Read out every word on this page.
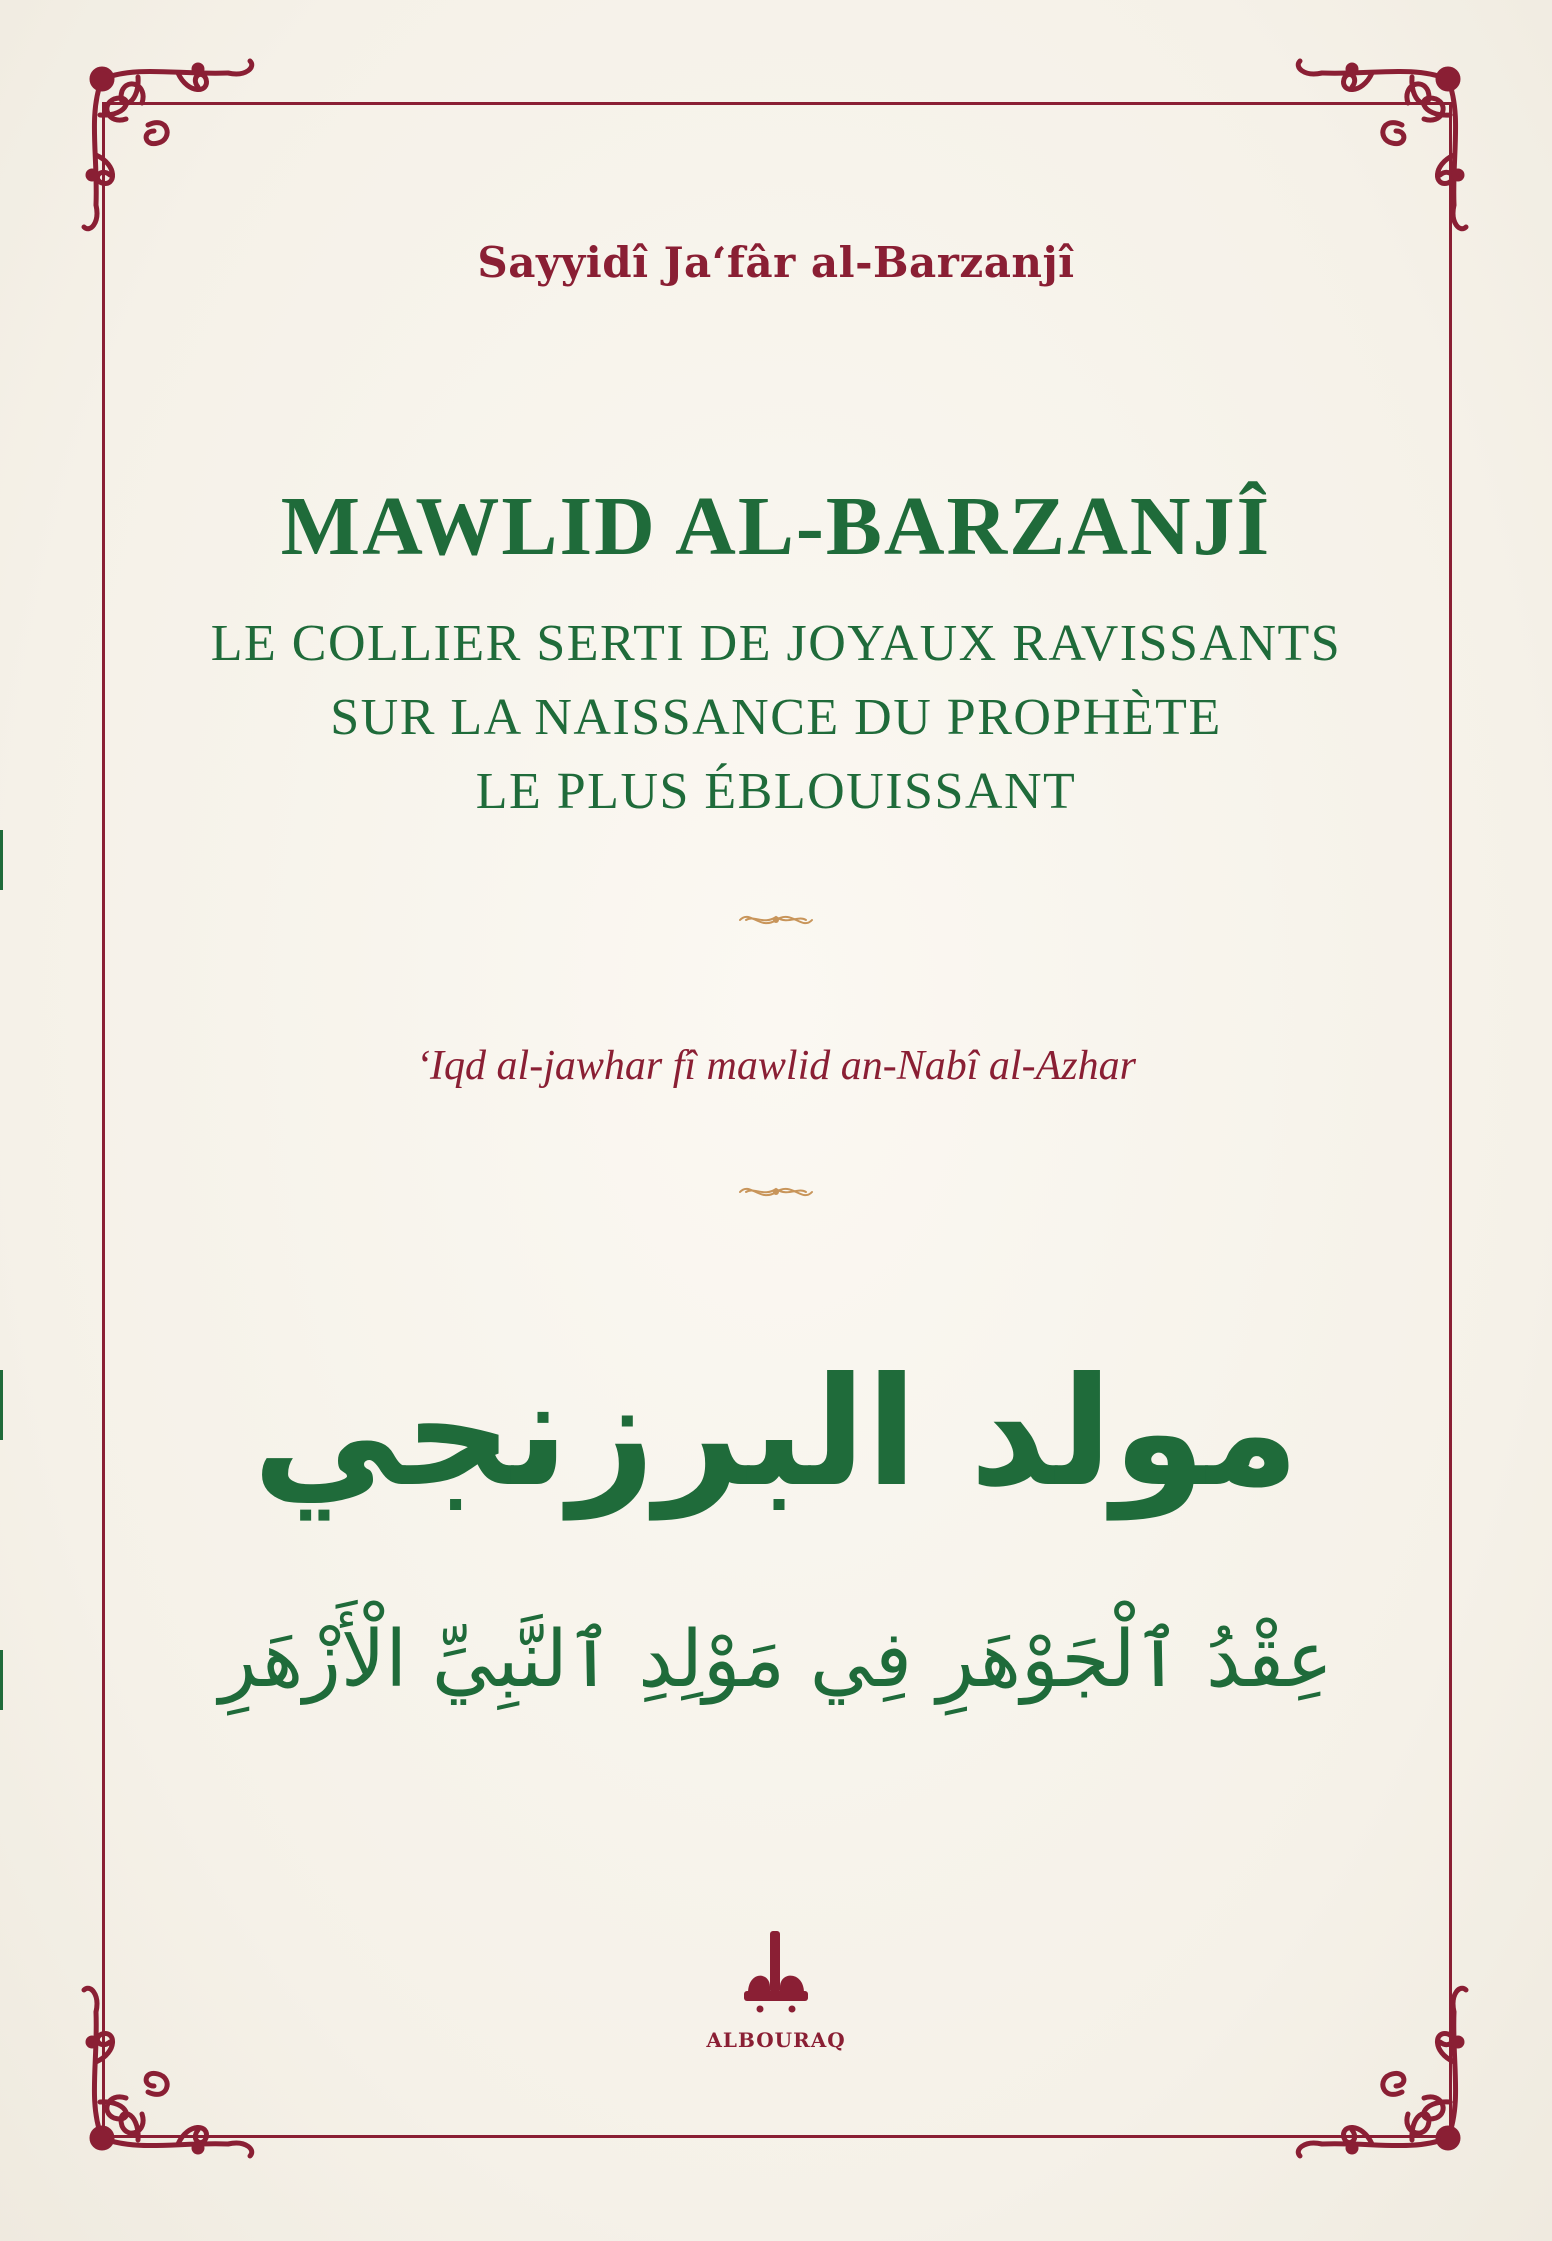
Sayyidî Ja‘fâr al-Barzanjî
MAWLID AL-BARZANJÎ
LE COLLIER SERTI DE JOYAUX RAVISSANTS
SUR LA NAISSANCE DU PROPHÈTE
LE PLUS ÉBLOUISSANT
‘Iqd al-jawhar fî mawlid an-Nabî al-Azhar
مولد البرزنجي
عِقْدُ ٱلْجَوْهَرِ فِي مَوْلِدِ ٱلنَّبِيِّ الْأَزْهَرِ
ALBOURAQ
